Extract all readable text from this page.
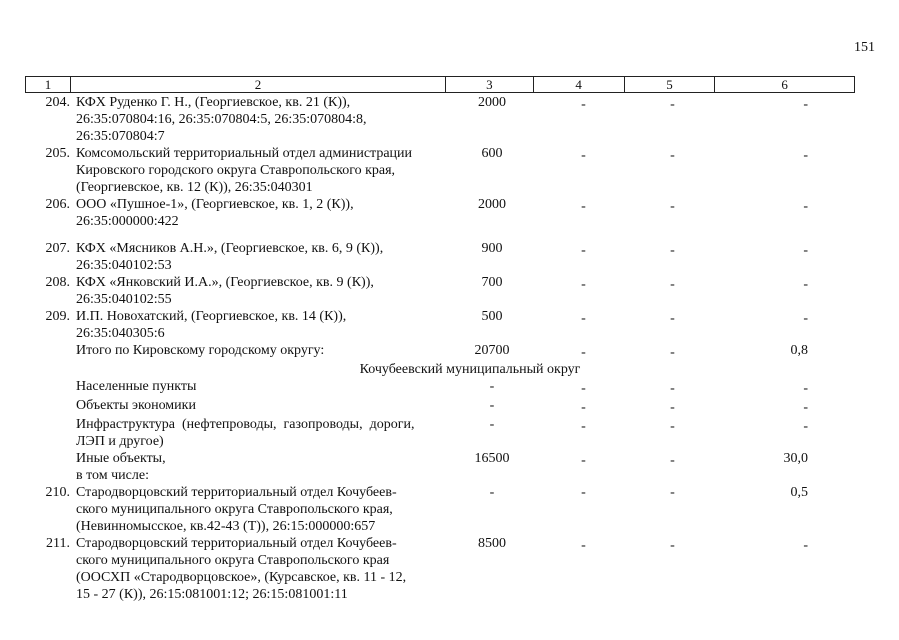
151
1	2	3	4	5	6
204. КФХ Руденко Г. Н., (Георгиевское, кв. 21 (К)),
26:35:070804:16, 26:35:070804:5, 26:35:070804:8,
26:35:070804:7
2000	-	-	-
205. Комсомольский территориальный отдел администрации
Кировского городского округа Ставропольского края,
(Георгиевское, кв. 12 (К)), 26:35:040301
600	-	-	-
206. ООО «Пушное-1», (Георгиевское, кв. 1, 2 (К)),
26:35:000000:422
2000	-	-	-
207. КФХ «Мясников А.Н.», (Георгиевское, кв. 6, 9 (К)),
26:35:040102:53
900	-	-	-
208. КФХ «Янковский И.А.», (Георгиевское, кв. 9 (К)),
26:35:040102:55
700	-	-	-
209. И.П. Новохатский, (Георгиевское, кв. 14 (К)),
26:35:040305:6
500	-	-	-
Итого по Кировскому городскому округу:	20700	-	-	0,8
Кочубеевский муниципальный округ
Населенные пункты	-	-	-	-
Объекты экономики	-	-	-	-
Инфраструктура  (нефтепроводы,  газопроводы,  дороги,
ЛЭП и другое)
-	-	-	-
Иные объекты,
в том числе:
16500	-	-	30,0
210. Стародворцовский территориальный отдел Кочубеев-
ского муниципального округа Ставропольского края,
(Невинномысское, кв.42-43 (Т)), 26:15:000000:657
-	-	-	0,5
211. Стародворцовский территориальный отдел Кочубеев-
ского муниципального округа Ставропольского края
(ООСХП «Стародворцовское», (Курсавское, кв. 11 - 12,
15 - 27 (К)), 26:15:081001:12; 26:15:081001:11
8500	-	-	-
